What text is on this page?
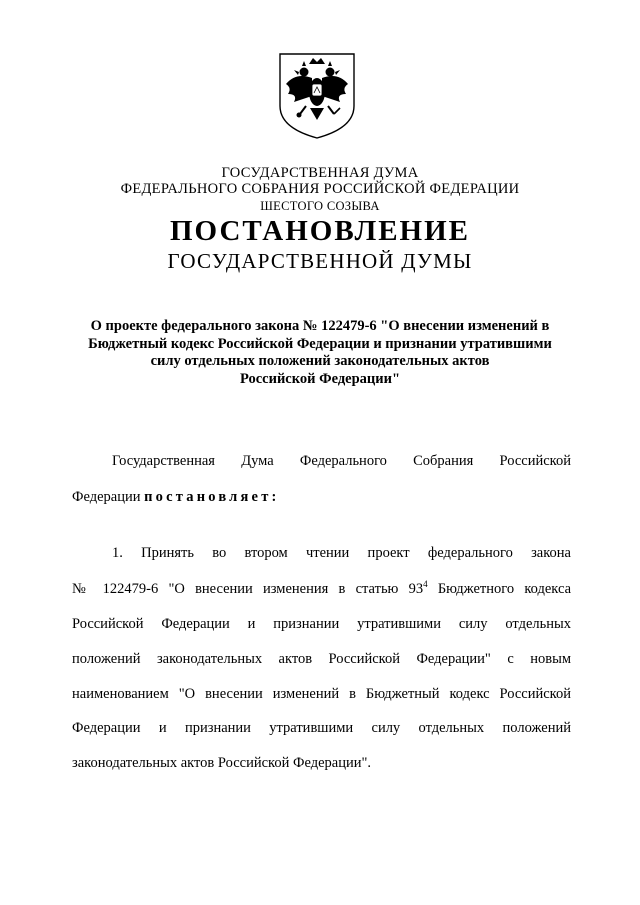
ГОСУДАРСТВЕННАЯ ДУМА
ФЕДЕРАЛЬНОГО СОБРАНИЯ РОССИЙСКОЙ ФЕДЕРАЦИИ
ШЕСТОГО СОЗЫВА
ПОСТАНОВЛЕНИЕ
ГОСУДАРСТВЕННОЙ ДУМЫ
О проекте федерального закона № 122479-6 "О внесении изменений в
Бюджетный кодекс Российской Федерации и признании утратившими
силу отдельных положений законодательных актов
Российской Федерации"
Государственная Дума Федерального Собрания Российской
Федерации постановляет:
1. Принять во втором чтении проект федерального закона
№ 122479-6 "О внесении изменения в статью $93^4$ Бюджетного кодекса
Российской Федерации и признании утратившими силу отдельных
положений законодательных актов Российской Федерации" с новым
наименованием "О внесении изменений в Бюджетный кодекс Российской
Федерации и признании утратившими силу отдельных положений
законодательных актов Российской Федерации".
